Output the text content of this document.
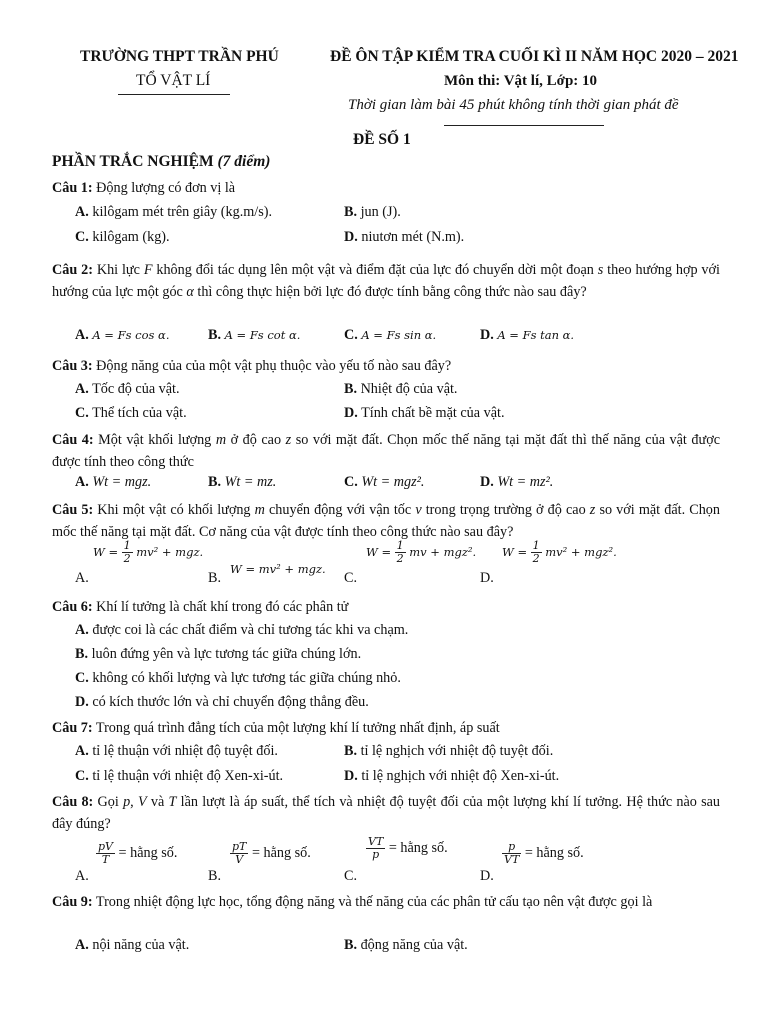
TRƯỜNG THPT TRẦN PHÚ
TỔ VẬT LÍ
ĐỀ ÔN TẬP KIỂM TRA CUỐI KÌ II NĂM HỌC 2020 – 2021
Môn thi: Vật lí, Lớp: 10
Thời gian làm bài 45 phút không tính thời gian phát đề
ĐỀ SỐ 1
PHẦN TRẮC NGHIỆM (7 điểm)
Câu 1: Động lượng có đơn vị là
A. kilôgam mét trên giây (kg.m/s).	B. jun (J).
C. kilôgam (kg).	D. niutơn mét (N.m).
Câu 2: Khi lực F không đổi tác dụng lên một vật và điểm đặt của lực đó chuyển dời một đoạn s theo hướng hợp với hướng của lực một góc α thì công thực hiện bởi lực đó được tính bằng công thức nào sau đây?
A. A = Fs cos α.	B. A = Fs cot α.	C. A = Fs sin α.	D. A = Fs tan α.
Câu 3: Động năng của của một vật phụ thuộc vào yếu tố nào sau đây?
A. Tốc độ của vật.	B. Nhiệt độ của vật.
C. Thể tích của vật.	D. Tính chất bề mặt của vật.
Câu 4: Một vật khối lượng m ở độ cao z so với mặt đất. Chọn mốc thế năng tại mặt đất thì thế năng của vật được được tính theo công thức
A. Wt = mgz.	B. Wt = mz.	C. Wt = mgz².	D. Wt = mz².
Câu 5: Khi một vật có khối lượng m chuyển động với vận tốc v trong trọng trường ở độ cao z so với mặt đất. Chọn mốc thế năng tại mặt đất. Cơ năng của vật được tính theo công thức nào sau đây?
A.
$W = \frac{1}{2} mv^2$ + mgz.
B.
W = mv² + mgz.
C.
$W = \frac{1}{2}$ mv + mgz².
D.
$W = \frac{1}{2} mv^2 + mgz^2$.
Câu 6: Khí lí tưởng là chất khí trong đó các phân tử
A. được coi là các chất điểm và chỉ tương tác khi va chạm.
B. luôn đứng yên và lực tương tác giữa chúng lớn.
C. không có khối lượng và lực tương tác giữa chúng nhỏ.
D. có kích thước lớn và chỉ chuyển động thẳng đều.
Câu 7: Trong quá trình đẳng tích của một lượng khí lí tưởng nhất định, áp suất
A. tỉ lệ thuận với nhiệt độ tuyệt đối.	B. tỉ lệ nghịch với nhiệt độ tuyệt đối.
C. tỉ lệ thuận với nhiệt độ Xen-xi-út.	D. tỉ lệ nghịch với nhiệt độ Xen-xi-út.
Câu 8: Gọi p, V và T lần lượt là áp suất, thể tích và nhiệt độ tuyệt đối của một lượng khí lí tưởng. Hệ thức nào sau đây đúng?
A.
$\frac{pV}{T}$ = hằng số.
B.
$\frac{pT}{V}$ = hằng số.
C.
$\frac{VT}{p}$ = hằng số.
D.
$\frac{p}{VT}$ = hằng số.
Câu 9: Trong nhiệt động lực học, tổng động năng và thế năng của các phân tử cấu tạo nên vật được gọi là
A. nội năng của vật.	B. động năng của vật.
